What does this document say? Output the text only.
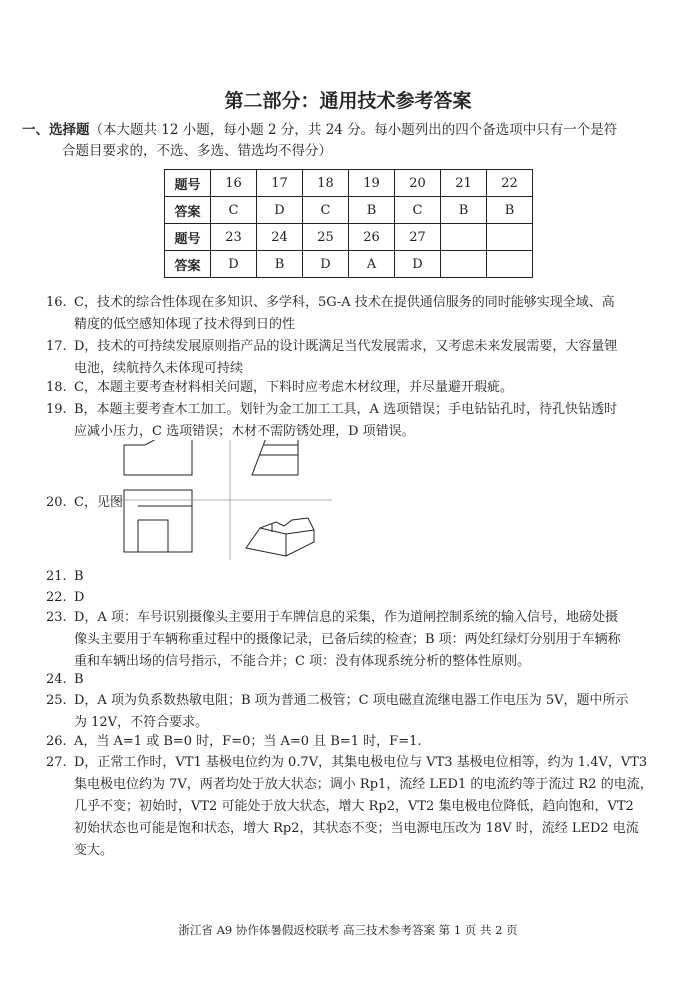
第二部分：通用技术参考答案
一、选择题（本大题共 12 小题，每小题 2 分，共 24 分。每小题列出的四个备选项中只有一个是符
合题目要求的，不选、多选、错选均不得分）
题号	16	17	18	19	20	21	22
答案	C	D	C	B	C	B	B
题号	23	24	25	26	27		
答案	D	B	D	A	D		
16. C，技术的综合性体现在多知识、多学科，5G-A 技术在提供通信服务的同时能够实现全域、高
精度的低空感知体现了技术得到日的性
17. D，技术的可持续发展原则指产品的设计既满足当代发展需求，又考虑未来发展需要，大容量锂
电池，续航持久未体现可持续
18. C，本题主要考查材料相关问题，下料时应考虑木材纹理，并尽量避开瑕疵。
19. B，本题主要考查木工加工。划针为金工加工工具，A 选项错误；手电钻钻孔时，待孔快钻透时
应减小压力，C 选项错误；木材不需防锈处理，D 项错误。
20. C，见图
21. B
22. D
23. D，A 项：车号识别摄像头主要用于车牌信息的采集，作为道闸控制系统的输入信号，地磅处摄
像头主要用于车辆称重过程中的摄像记录，已备后续的检查；B 项：两处红绿灯分别用于车辆称
重和车辆出场的信号指示，不能合并；C 项：没有体现系统分析的整体性原则。
24. B
25. D，A 项为负系数热敏电阻；B 项为普通二极管；C 项电磁直流继电器工作电压为 5V，题中所示
为 12V，不符合要求。
26. A，当 A=1 或 B=0 时，F=0；当 A=0 且 B=1 时，F=1.
27. D，正常工作时，VT1 基极电位约为 0.7V，其集电极电位与 VT3 基极电位相等，约为 1.4V，VT3
集电极电位约为 7V，两者均处于放大状态；调小 Rp1，流经 LED1 的电流约等于流过 R2 的电流，
几乎不变；初始时，VT2 可能处于放大状态，增大 Rp2，VT2 集电极电位降低，趋向饱和，VT2
初始状态也可能是饱和状态，增大 Rp2，其状态不变；当电源电压改为 18V 时，流经 LED2 电流
变大。
浙江省 A9 协作体暑假返校联考 高三技术参考答案 第 1 页 共 2 页
